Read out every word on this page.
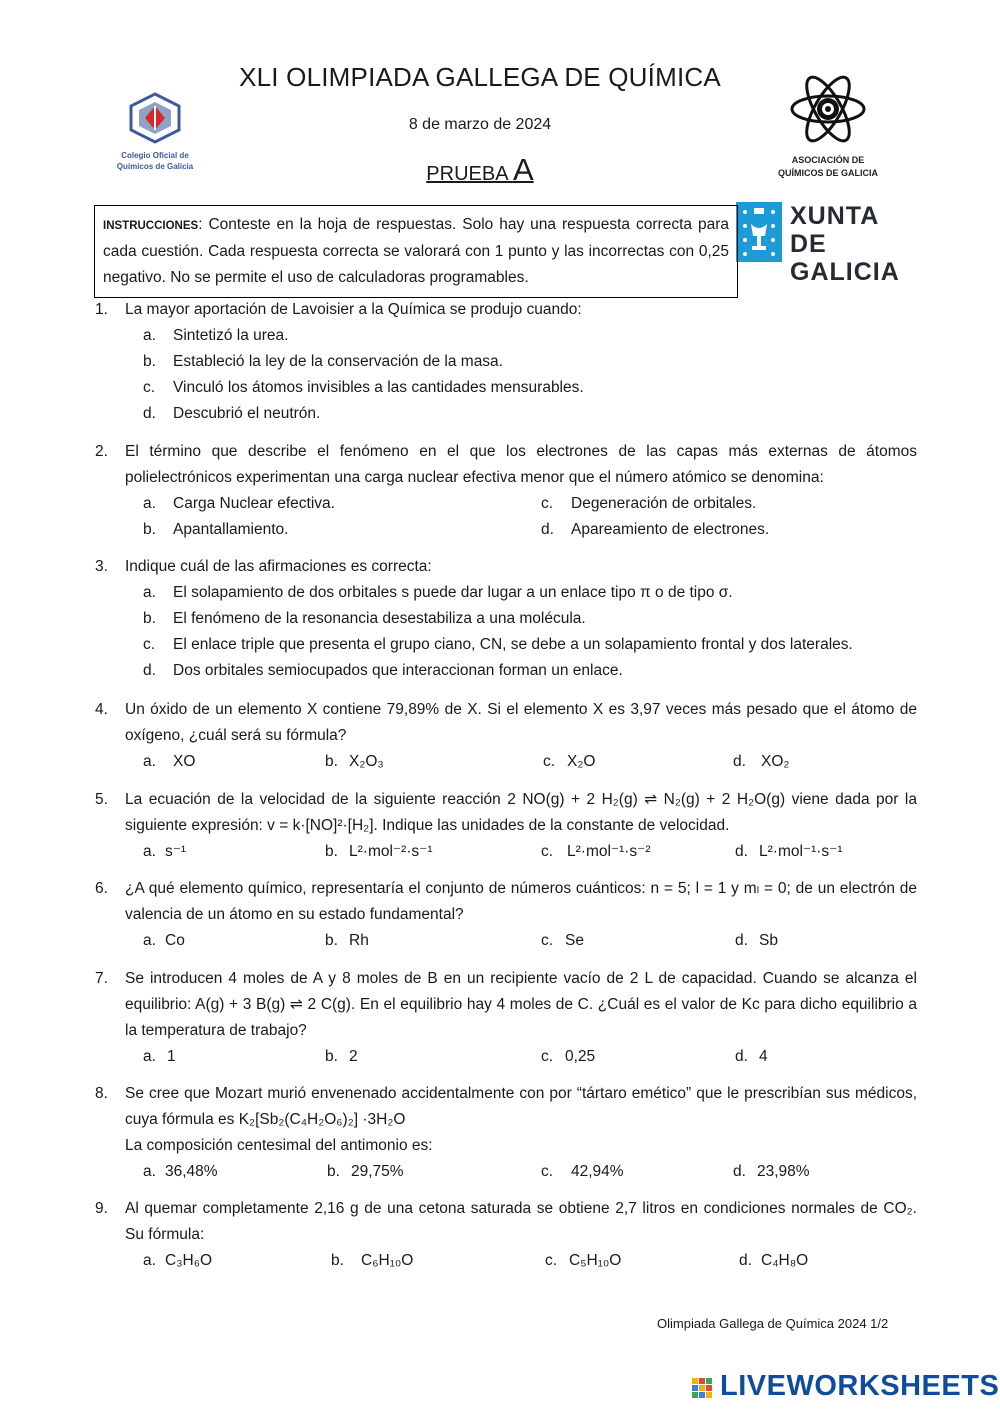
XLI OLIMPIADA GALLEGA DE QUÍMICA
8 de marzo de 2024
PRUEBA A
Colegio Oficial de
Químicos de Galicia
ASOCIACIÓN DE
QUÍMICOS DE GALICIA
XUNTA
DE GALICIA
INSTRUCCIONES: Conteste en la hoja de respuestas. Solo hay una respuesta correcta para cada cuestión. Cada respuesta correcta se valorará con 1 punto y las incorrectas con 0,25 negativo. No se permite el uso de calculadoras programables.
1. La mayor aportación de Lavoisier a la Química se produjo cuando:
a. Sintetizó la urea.
b. Estableció la ley de la conservación de la masa.
c. Vinculó los átomos invisibles a las cantidades mensurables.
d. Descubrió el neutrón.
2. El término que describe el fenómeno en el que los electrones de las capas más externas de átomos polielectrónicos experimentan una carga nuclear efectiva menor que el número atómico se denomina:
a. Carga Nuclear efectiva.	c. Degeneración de orbitales.
b. Apantallamiento.	d. Apareamiento de electrones.
3. Indique cuál de las afirmaciones es correcta:
a. El solapamiento de dos orbitales s puede dar lugar a un enlace tipo π o de tipo σ.
b. El fenómeno de la resonancia desestabiliza a una molécula.
c. El enlace triple que presenta el grupo ciano, CN, se debe a un solapamiento frontal y dos laterales.
d. Dos orbitales semiocupados que interaccionan forman un enlace.
4. Un óxido de un elemento X contiene 79,89% de X. Si el elemento X es 3,97 veces más pesado que el átomo de oxígeno, ¿cuál será su fórmula?
a. XO	b. X₂O₃	c. X₂O	d. XO₂
5. La ecuación de la velocidad de la siguiente reacción 2 NO(g) + 2 H₂(g) ⇌ N₂(g) + 2 H₂O(g) viene dada por la siguiente expresión: v = k·[NO]²·[H₂]. Indique las unidades de la constante de velocidad.
a. s⁻¹	b. L²·mol⁻²·s⁻¹	c. L²·mol⁻¹·s⁻²	d. L²·mol⁻¹·s⁻¹
6. ¿A qué elemento químico, representaría el conjunto de números cuánticos: n = 5; l = 1 y mₗ = 0; de un electrón de valencia de un átomo en su estado fundamental?
a. Co	b. Rh	c. Se	d. Sb
7. Se introducen 4 moles de A y 8 moles de B en un recipiente vacío de 2 L de capacidad. Cuando se alcanza el equilibrio: A(g) + 3 B(g) ⇌ 2 C(g). En el equilibrio hay 4 moles de C. ¿Cuál es el valor de Kc para dicho equilibrio a la temperatura de trabajo?
a. 1	b. 2	c. 0,25	d. 4
8. Se cree que Mozart murió envenenado accidentalmente con por “tártaro emético” que le prescribían sus médicos, cuya fórmula es K₂[Sb₂(C₄H₂O₆)₂] ·3H₂O
La composición centesimal del antimonio es:
a. 36,48%	b. 29,75%	c. 42,94%	d. 23,98%
9. Al quemar completamente 2,16 g de una cetona saturada se obtiene 2,7 litros en condiciones normales de CO₂. Su fórmula:
a. C₃H₆O	b. C₆H₁₀O	c. C₅H₁₀O	d. C₄H₈O
Olimpiada Gallega de Química 2024 1/2
LIVEWORKSHEETS
